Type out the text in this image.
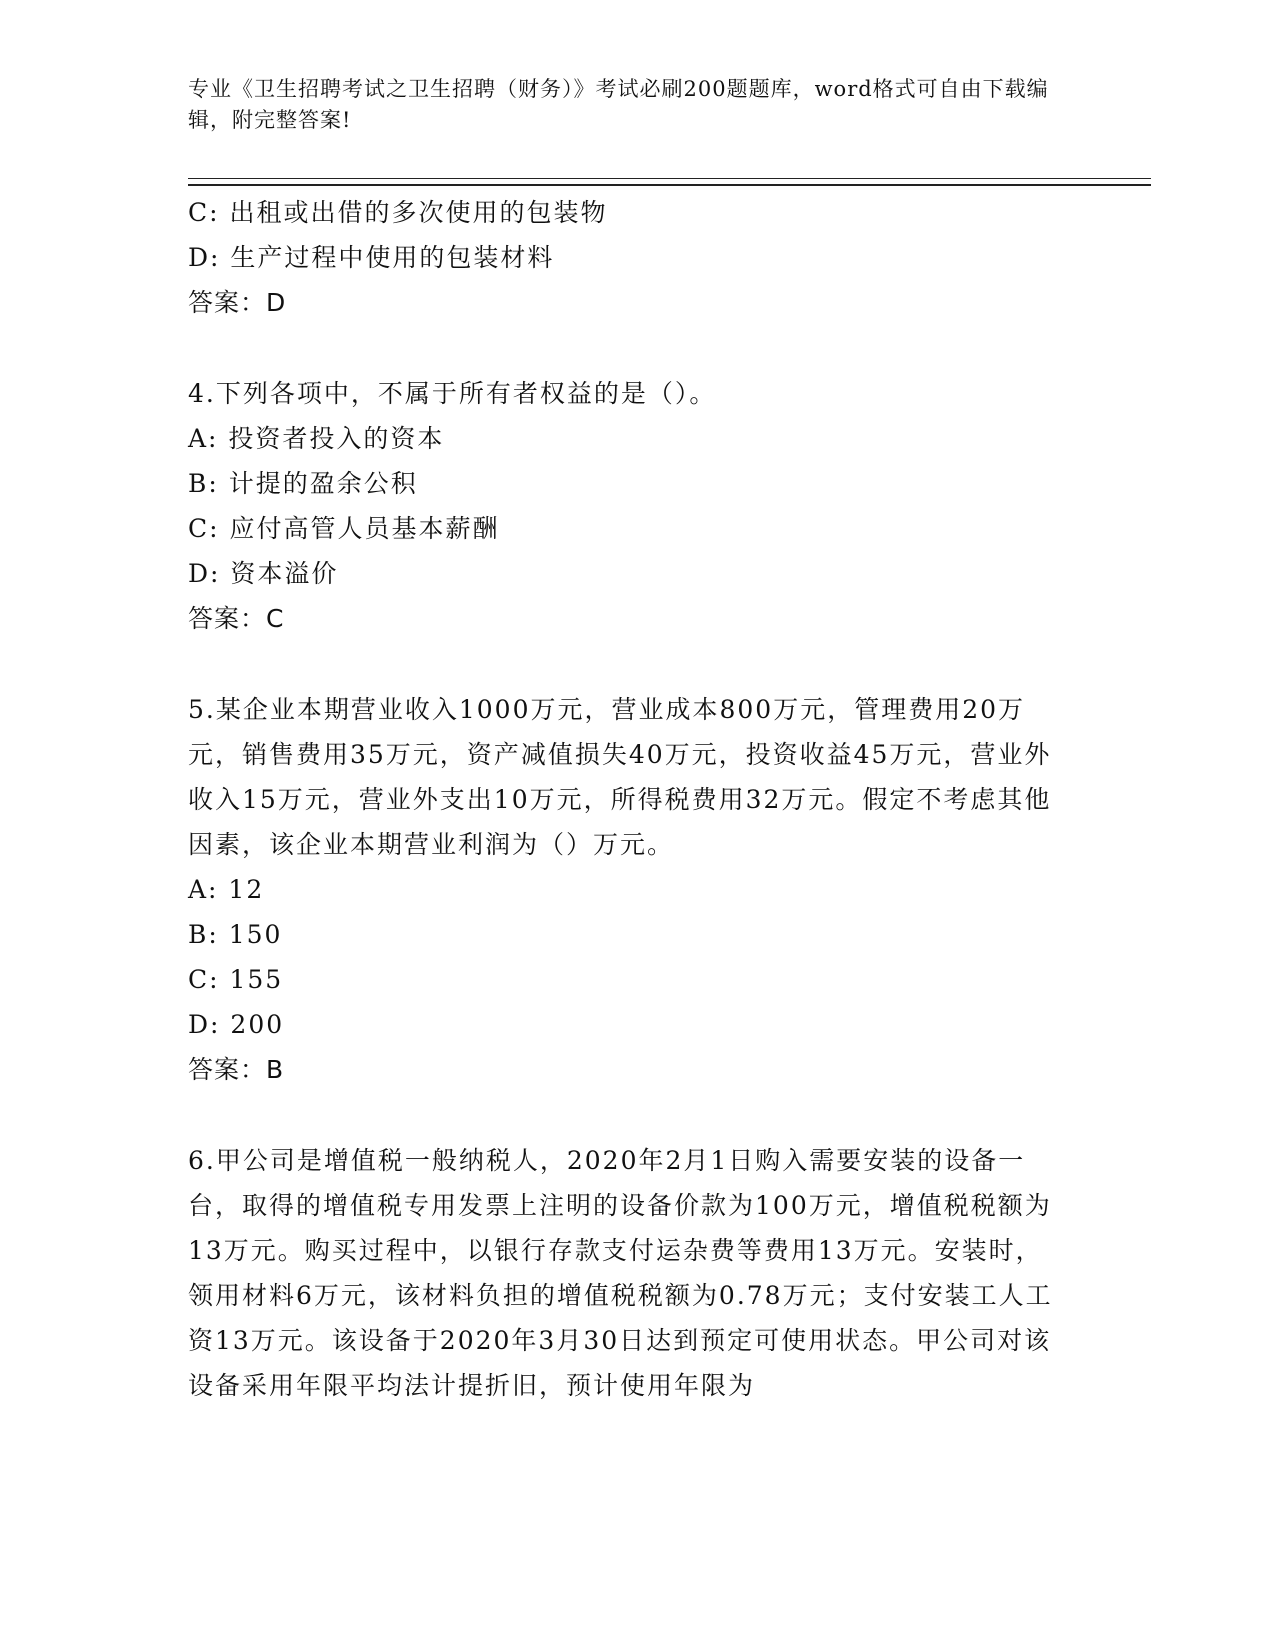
专业《卫生招聘考试之卫生招聘（财务）》考试必刷200题题库，word格式可自由下载编辑，附完整答案!
C: 出租或出借的多次使用的包装物
D: 生产过程中使用的包装材料
答案：D
4.下列各项中，不属于所有者权益的是（）。
A: 投资者投入的资本
B: 计提的盈余公积
C: 应付高管人员基本薪酬
D: 资本溢价
答案：C
5.某企业本期营业收入1000万元，营业成本800万元，管理费用20万元，销售费用35万元，资产减值损失40万元，投资收益45万元，营业外收入15万元，营业外支出10万元，所得税费用32万元。假定不考虑其他因素，该企业本期营业利润为（）万元。
A: 12
B: 150
C: 155
D: 200
答案：B
6.甲公司是增值税一般纳税人，2020年2月1日购入需要安装的设备一台，取得的增值税专用发票上注明的设备价款为100万元，增值税税额为13万元。购买过程中，以银行存款支付运杂费等费用13万元。安装时，领用材料6万元，该材料负担的增值税税额为0.78万元；支付安装工人工资13万元。该设备于2020年3月30日达到预定可使用状态。甲公司对该设备采用年限平均法计提折旧，预计使用年限为
